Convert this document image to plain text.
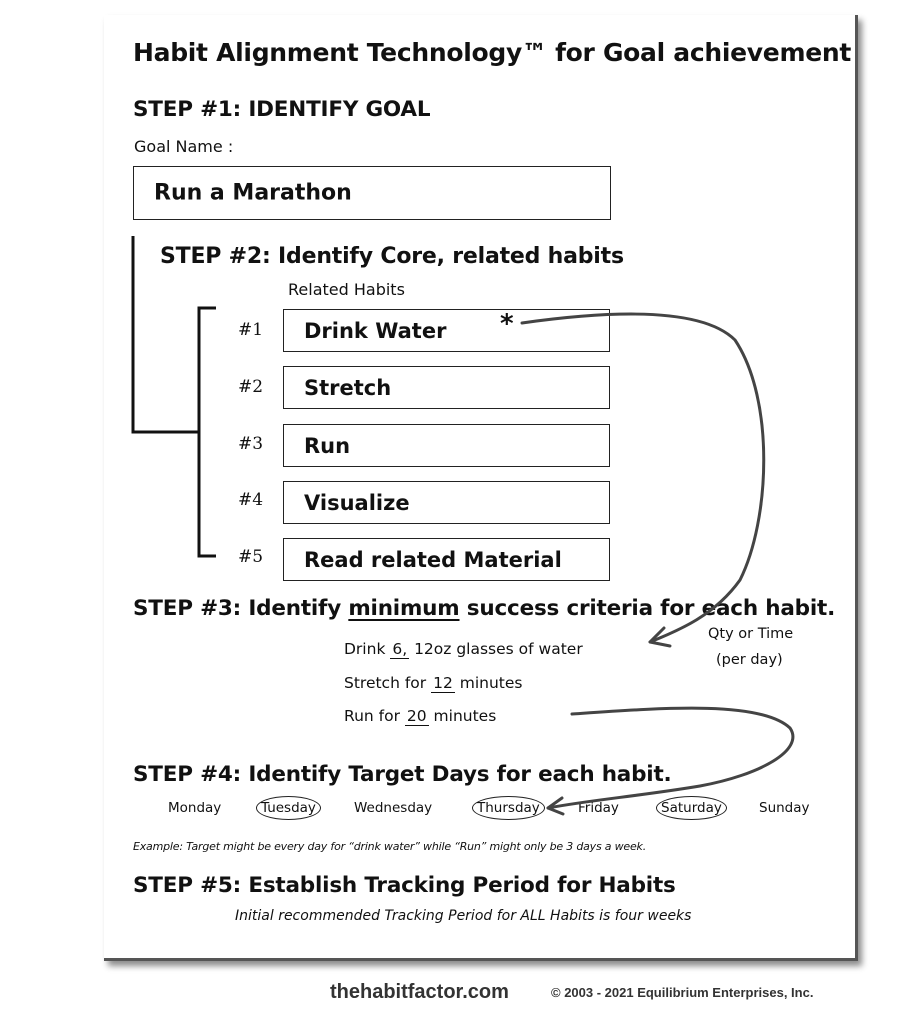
Habit Alignment Technology™ for Goal achievement
STEP #1: IDENTIFY GOAL
Goal Name :
Run a Marathon
STEP #2: Identify Core, related habits
Related Habits
#1 Drink Water *
#2 Stretch
#3 Run
#4 Visualize
#5 Read related Material
STEP #3: Identify minimum success criteria for each habit.
Qty or Time
(per day)
Drink 6, 12oz glasses of water
Stretch for 12 minutes
Run for 20 minutes
STEP #4: Identify Target Days for each habit.
Monday	Tuesday	Wednesday	Thursday	Friday	Saturday	Sunday
Example: Target might be every day for “drink water” while “Run” might only be 3 days a week.
STEP #5: Establish Tracking Period for Habits
Initial recommended Tracking Period for ALL Habits is four weeks
thehabitfactor.com	© 2003 - 2021 Equilibrium Enterprises, Inc.
